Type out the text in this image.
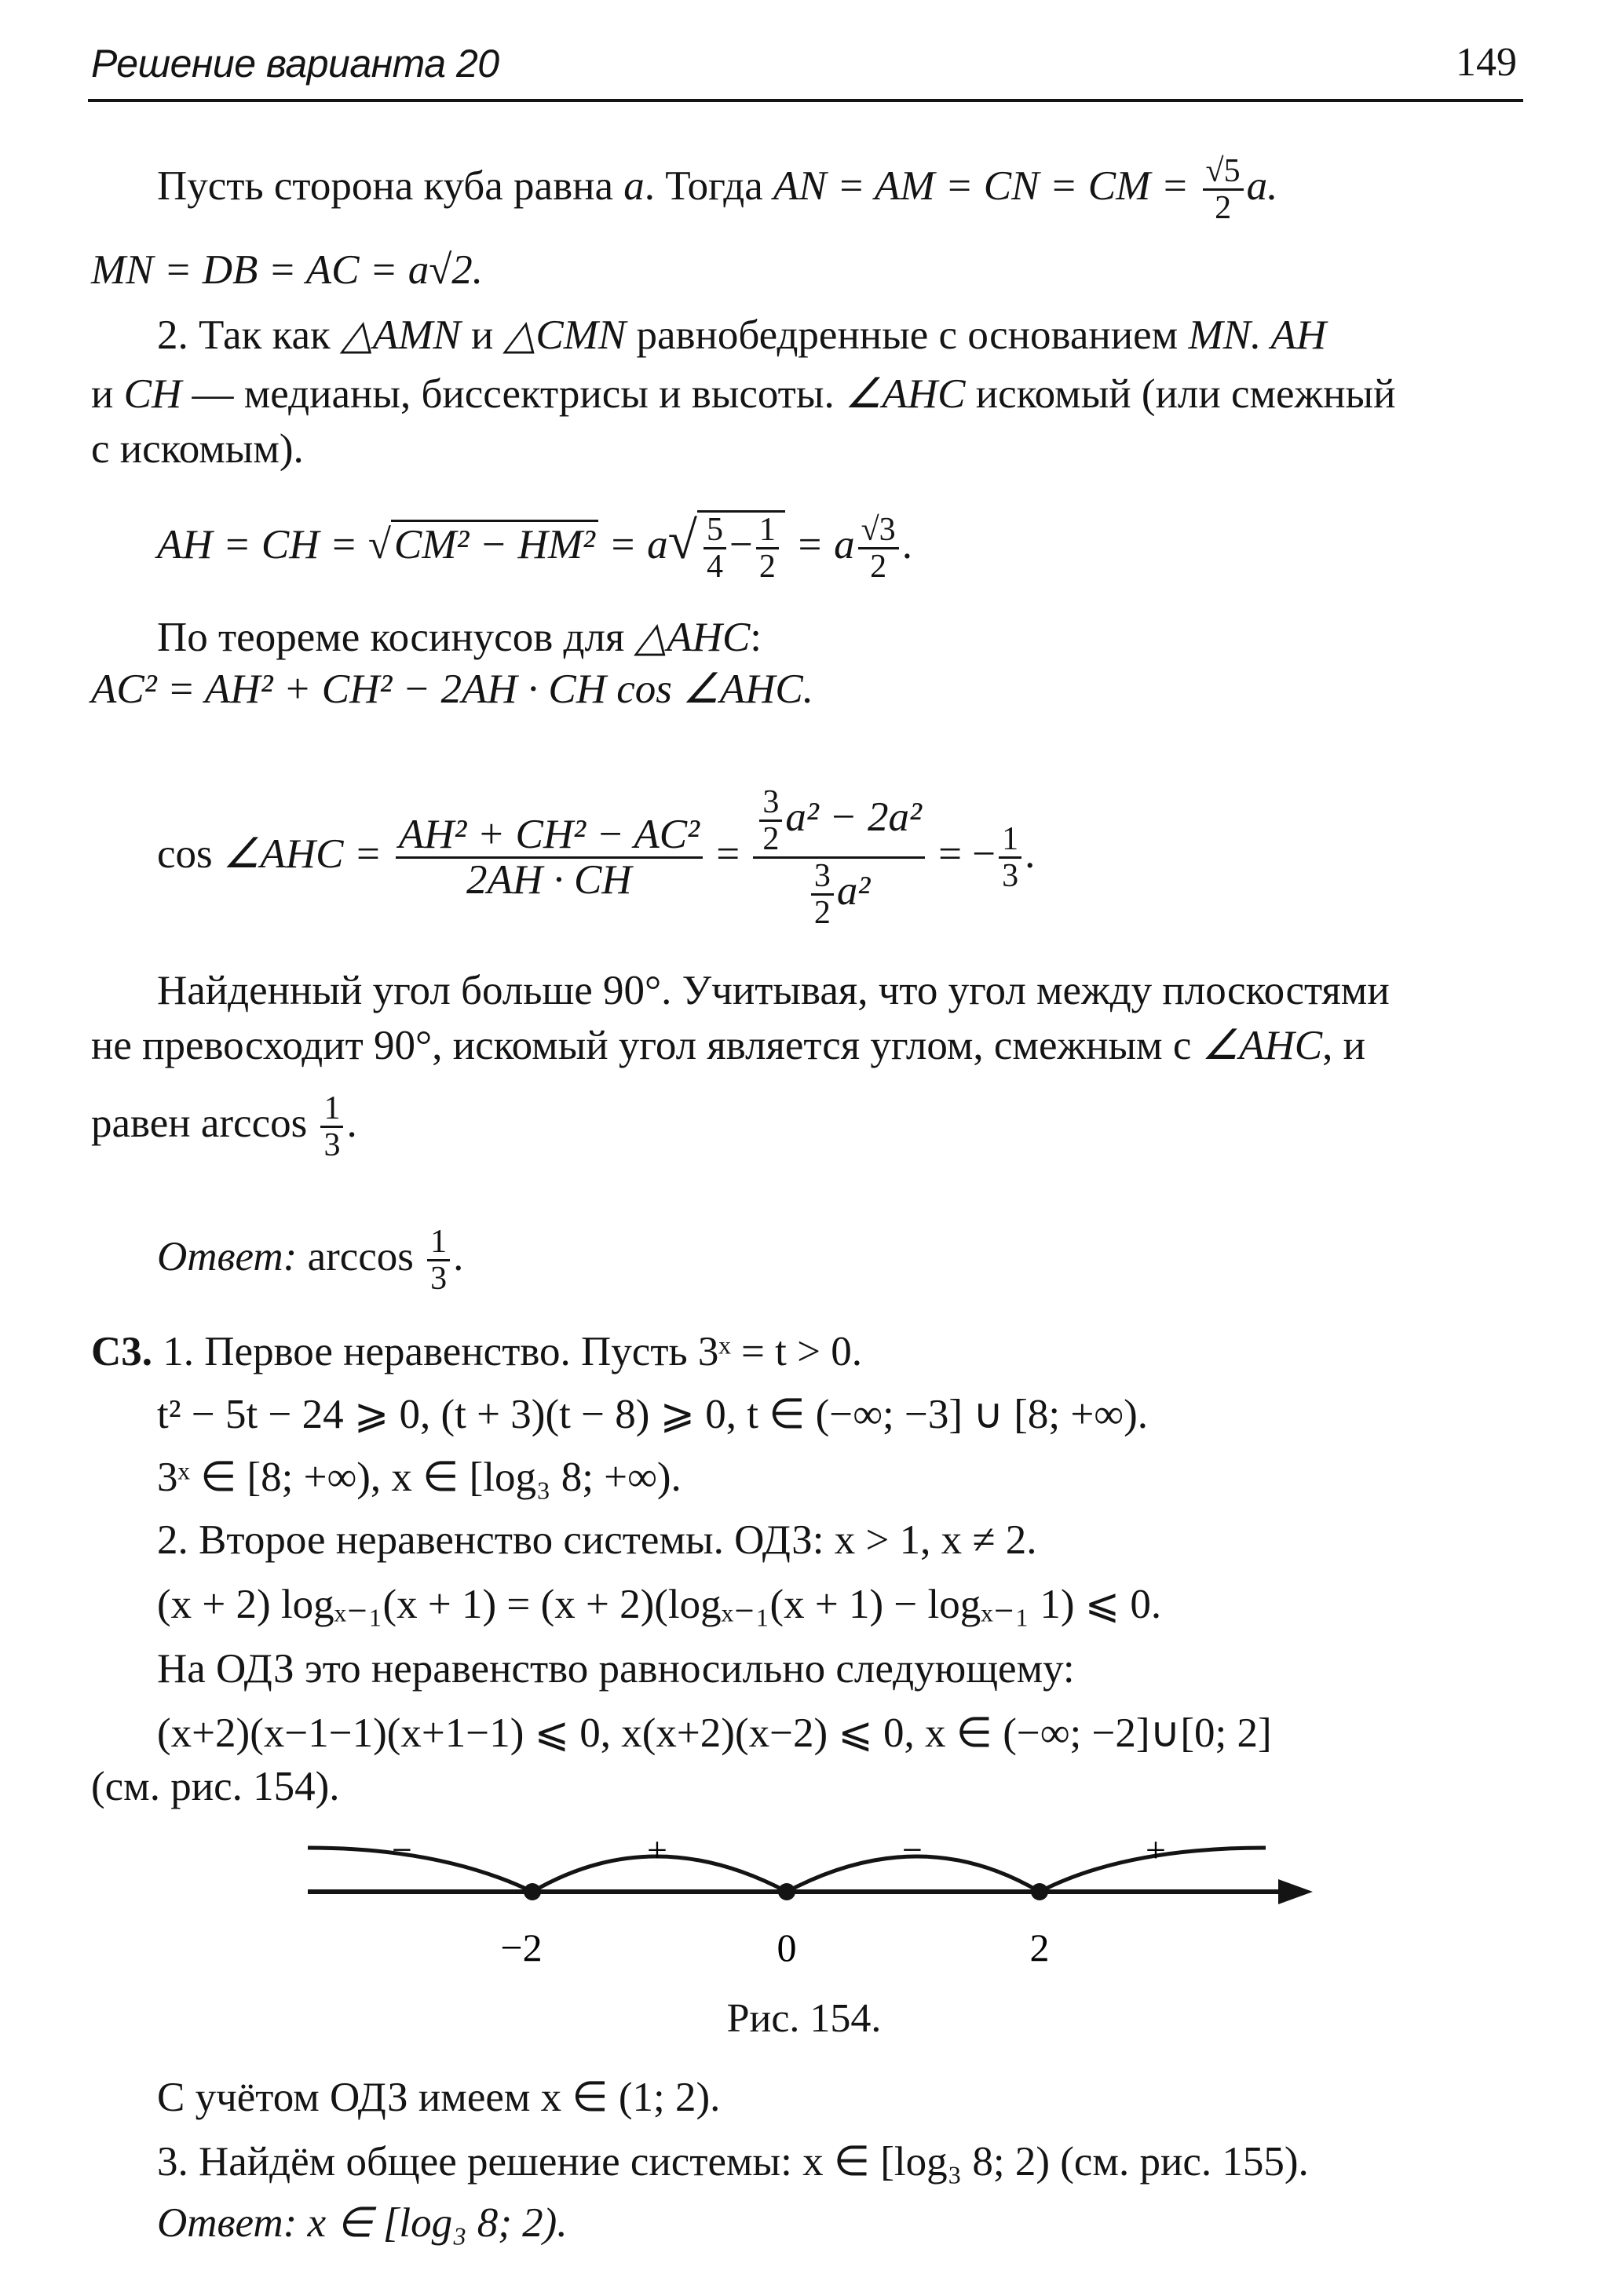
Решение варианта 20	149
Пусть сторона куба равна a. Тогда AN = AM = CN = CM = $\frac{√5}{2} a$.
MN = DB = AC = a√2.
2. Так как △AMN и △CMN равнобедренные с основанием MN. AH
и CH — медианы, биссектрисы и высоты. ∠AHC искомый (или смежный
с искомым).
AH = CH = $√CM^2 - HM^2 = a√ \frac{5}{4} - \frac{1}{2} = a \frac{√3}{2}$ .
По теореме косинусов для △AHC:
AC² = AH² + CH² − 2AH · CH cos ∠AHC.
cos ∠AHC = $\frac{\text{AH² + CH² − AC²}}{2AH \cdot CH} = \frac{\frac{3}{2} a^2 - 2a^2}{\frac{3}{2} a^2}$ = − $\frac{1}{3}$ .
Найденный угол больше 90°. Учитывая, что угол между плоскостями
не превосходит 90°, искомый угол является углом, смежным с ∠AHC, и
равен $\arccos \frac{1}{3}$ .
Ответ: $\arccos \frac{1}{3}$ .
С3. 1. Первое неравенство. Пусть 3ˣ = t > 0.
t² − 5t − 24 ⩾ 0, (t + 3)(t − 8) ⩾ 0, t ∈ (−∞; −3] ∪ [8; +∞).
3ˣ ∈ [8; +∞), x ∈ [log₃ 8; +∞).
2. Второе неравенство системы. ОДЗ: x > 1, x ≠ 2.
(x + 2) logₓ₋₁(x + 1) = (x + 2)(logₓ₋₁(x + 1) − logₓ₋₁ 1) ⩽ 0.
На ОДЗ это неравенство равносильно следующему:
(x+2)(x−1−1)(x+1−1) ⩽ 0, x(x+2)(x−2) ⩽ 0, x ∈ (−∞; −2]∪[0; 2]
(см. рис. 154).
−	+	−	+
−2	0	2
Рис. 154.
С учётом ОДЗ имеем x ∈ (1; 2).
3. Найдём общее решение системы: x ∈ [log₃ 8; 2) (см. рис. 155).
Ответ: x ∈ [log₃ 8; 2).
